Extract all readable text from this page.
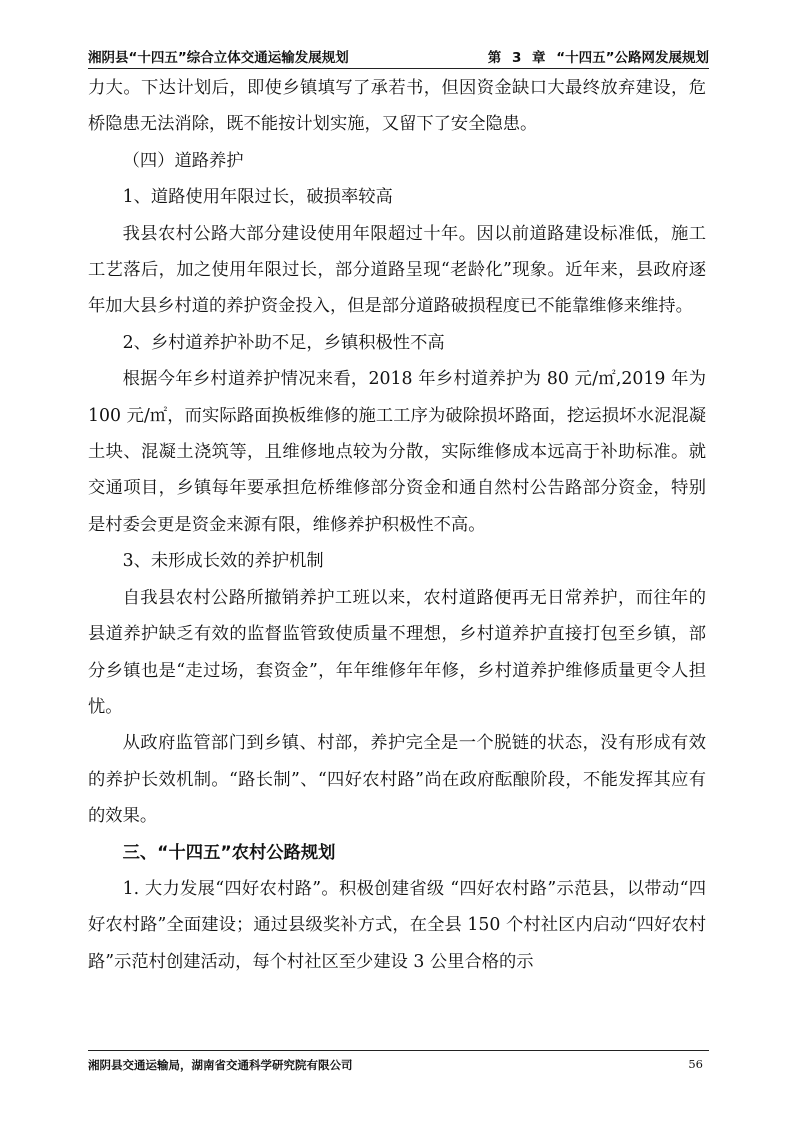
湘阴县“十四五”综合立体交通运输发展规划	第 3 章 “十四五”公路网发展规划

力大。下达计划后，即使乡镇填写了承若书，但因资金缺口大最终放弃建设，危桥隐患无法消除，既不能按计划实施，又留下了安全隐患。

（四）道路养护

1、道路使用年限过长，破损率较高

我县农村公路大部分建设使用年限超过十年。因以前道路建设标准低，施工工艺落后，加之使用年限过长，部分道路呈现“老龄化”现象。近年来，县政府逐年加大县乡村道的养护资金投入，但是部分道路破损程度已不能靠维修来维持。

2、乡村道养护补助不足，乡镇积极性不高

根据今年乡村道养护情况来看，2018 年乡村道养护为 80 元/㎡,2019 年为 100 元/㎡，而实际路面换板维修的施工工序为破除损坏路面，挖运损坏水泥混凝土块、混凝土浇筑等，且维修地点较为分散，实际维修成本远高于补助标准。就交通项目，乡镇每年要承担危桥维修部分资金和通自然村公告路部分资金，特别是村委会更是资金来源有限，维修养护积极性不高。

3、未形成长效的养护机制

自我县农村公路所撤销养护工班以来，农村道路便再无日常养护，而往年的县道养护缺乏有效的监督监管致使质量不理想，乡村道养护直接打包至乡镇，部分乡镇也是“走过场，套资金”，年年维修年年修，乡村道养护维修质量更令人担忧。

从政府监管部门到乡镇、村部，养护完全是一个脱链的状态，没有形成有效的养护长效机制。“路长制”、“四好农村路”尚在政府酝酿阶段，不能发挥其应有的效果。

三、“十四五”农村公路规划

1. 大力发展“四好农村路”。积极创建省级 “四好农村路”示范县，以带动“四好农村路”全面建设；通过县级奖补方式，在全县 150 个村社区内启动“四好农村路”示范村创建活动，每个村社区至少建设 3 公里合格的示

湘阴县交通运输局，湖南省交通科学研究院有限公司	56
